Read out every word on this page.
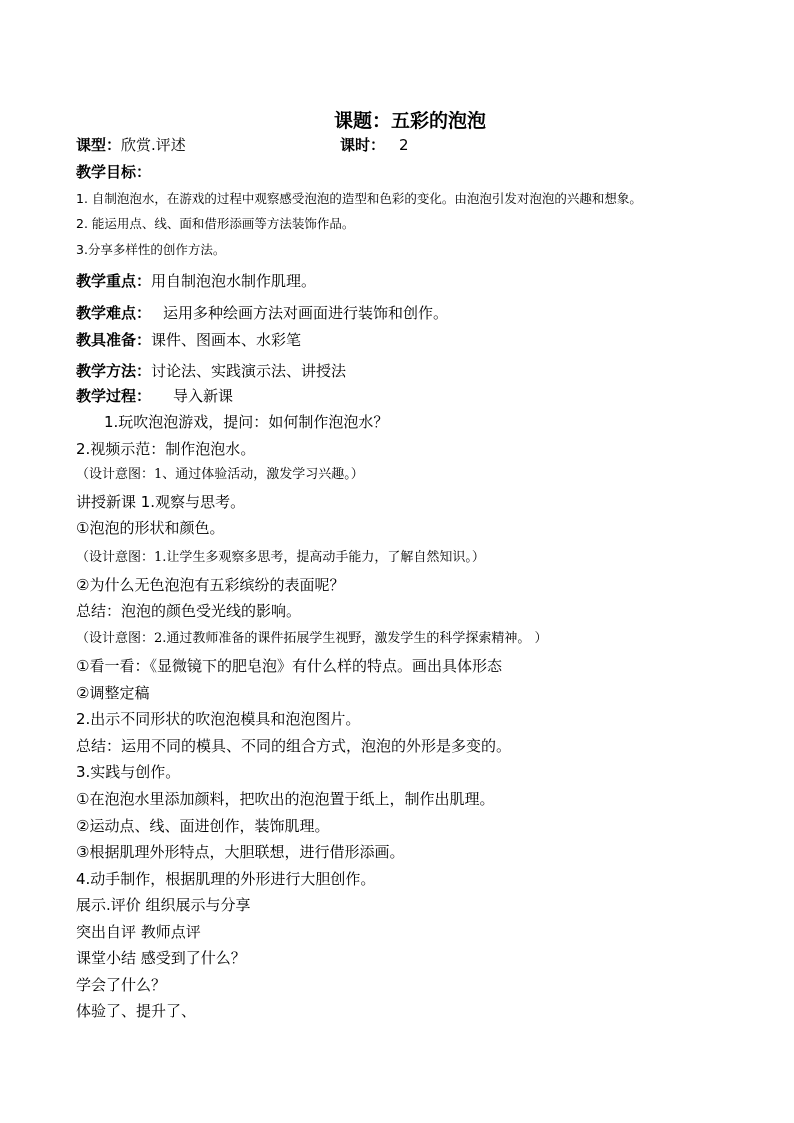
课题：五彩的泡泡
课型：欣赏.评述	课时： 2
教学目标：
1. 自制泡泡水，在游戏的过程中观察感受泡泡的造型和色彩的变化。由泡泡引发对泡泡的兴趣和想象。
2. 能运用点、线、面和借形添画等方法装饰作品。
3.分享多样性的创作方法。
教学重点：用自制泡泡水制作肌理。
教学难点： 运用多种绘画方法对画面进行装饰和创作。
教具准备：课件、图画本、水彩笔
教学方法：讨论法、实践演示法、讲授法
教学过程： 导入新课
1.玩吹泡泡游戏，提问：如何制作泡泡水？
2.视频示范：制作泡泡水。
（设计意图：1、通过体验活动，激发学习兴趣。）
讲授新课 1.观察与思考。
①泡泡的形状和颜色。
（设计意图：1.让学生多观察多思考，提高动手能力，了解自然知识。）
②为什么无色泡泡有五彩缤纷的表面呢？
总结：泡泡的颜色受光线的影响。
（设计意图：2.通过教师准备的课件拓展学生视野，激发学生的科学探索精神。 ）
①看一看：《显微镜下的肥皂泡》有什么样的特点。画出具体形态
②调整定稿
2.出示不同形状的吹泡泡模具和泡泡图片。
总结：运用不同的模具、不同的组合方式，泡泡的外形是多变的。
3.实践与创作。
①在泡泡水里添加颜料，把吹出的泡泡置于纸上，制作出肌理。
②运动点、线、面进创作，装饰肌理。
③根据肌理外形特点，大胆联想，进行借形添画。
4.动手制作，根据肌理的外形进行大胆创作。
展示.评价 组织展示与分享
突出自评 教师点评
课堂小结 感受到了什么？
学会了什么？
体验了、提升了、
